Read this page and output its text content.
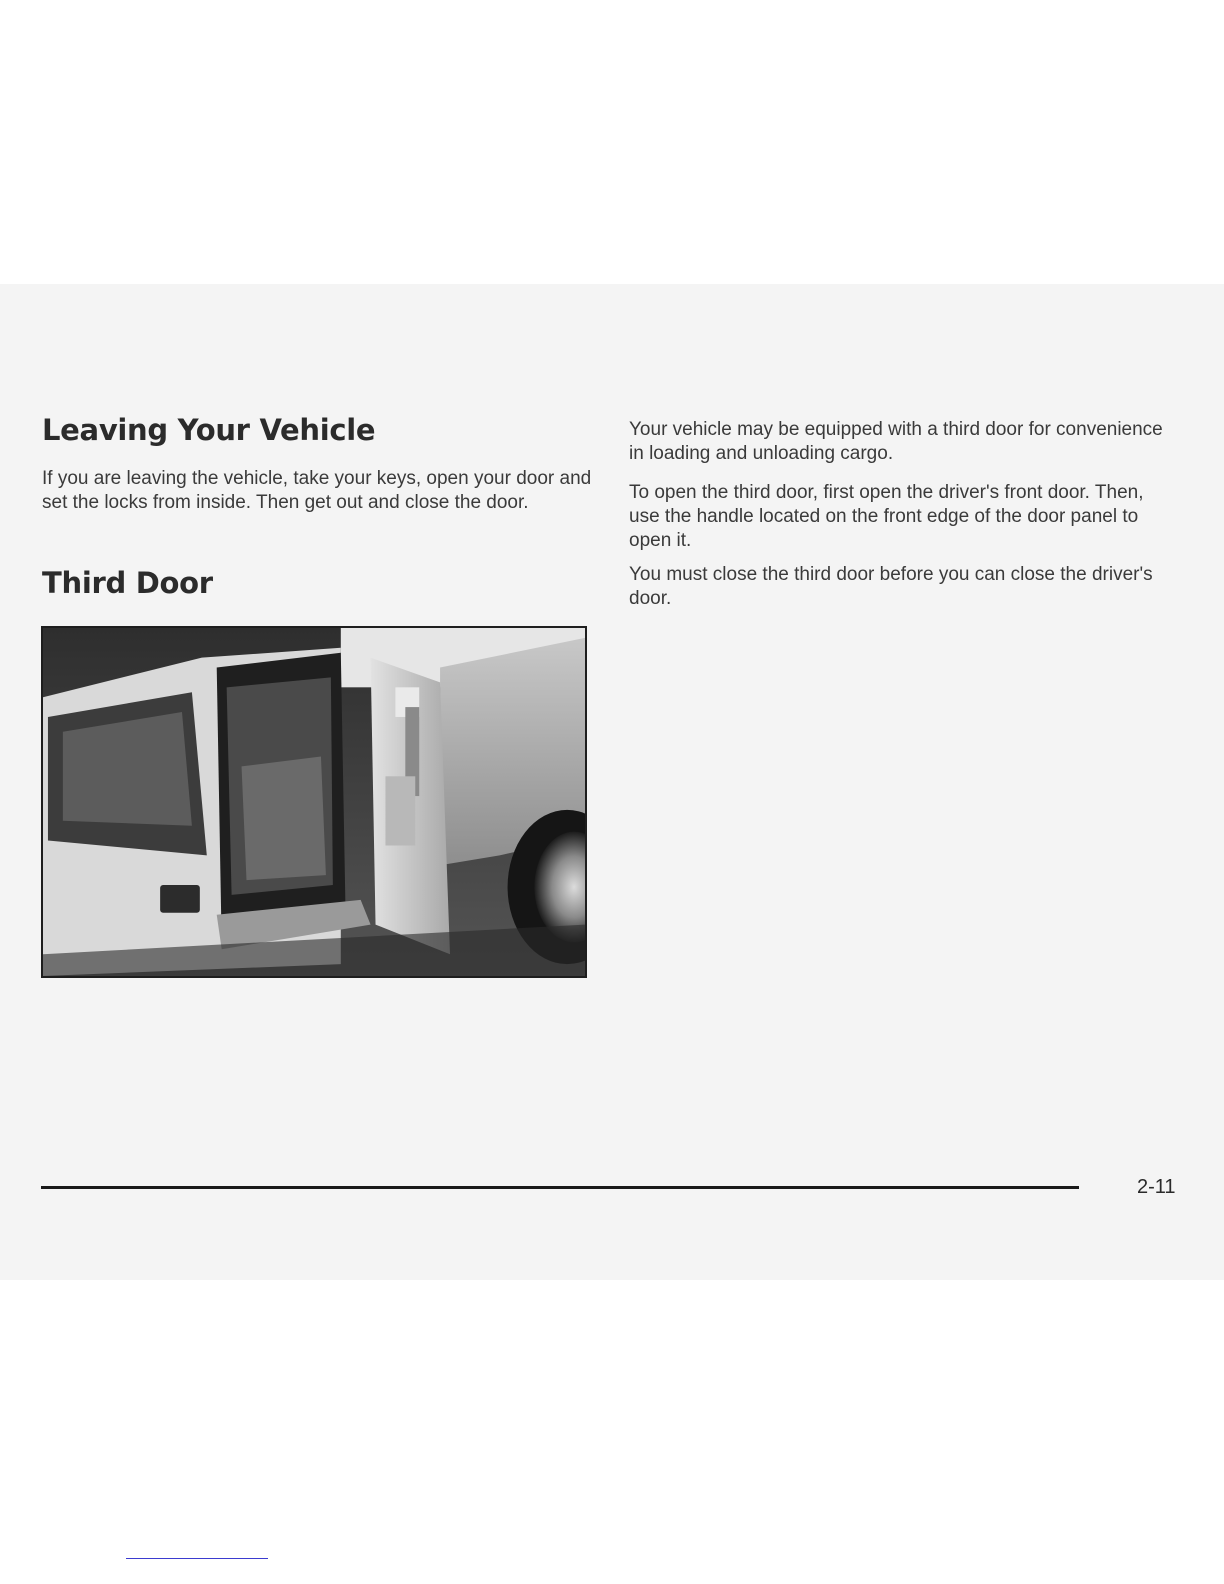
Leaving Your Vehicle

If you are leaving the vehicle, take your keys, open your door and set the locks from inside. Then get out and close the door.

Third Door

Your vehicle may be equipped with a third door for convenience in loading and unloading cargo.

To open the third door, first open the driver's front door. Then, use the handle located on the front edge of the door panel to open it.

You must close the third door before you can close the driver's door.

2-11
